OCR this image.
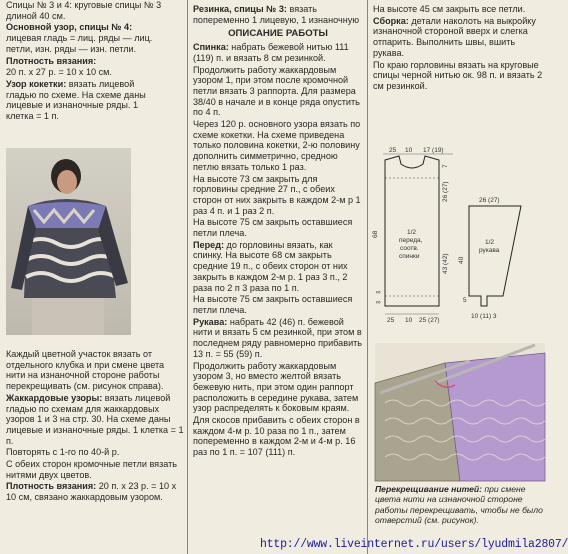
Спицы № 3 и 4: круговые спицы № 3 длиной 40 см.

Основной узор, спицы № 4: лицевая гладь = лиц. ряды — лиц. петли, изн. ряды — изн. петли.

Плотность вязания:

20 п. x 27 р. = 10 x 10 см.

Узор кокетки: вязать лицевой гладью по схеме. На схеме даны лицевые и изнаночные ряды. 1 клетка = 1 п.

Каждый цветной участок вязать от отдельного клубка и при смене цвета нити на изнаночной стороне работы перекрещивать (см. рисунок справа).

Жаккардовые узоры: вязать лицевой гладью по схемам для жаккардовых узоров 1 и 3 на стр. 30. На схеме даны лицевые и изнаночные ряды. 1 клетка = 1 п.

Повторять с 1-го по 40-й р.

С обеих сторон кромочные петли вязать нитями двух цветов.

Плотность вязания: 20 п. x 23 р. = 10 x 10 см, связано жаккардовым узором.

Резинка, спицы № 3: вязать попеременно 1 лицевую, 1 изнаночную

ОПИСАНИЕ РАБОТЫ

Спинка: набрать бежевой нитью 111 (119) п. и вязать 8 см резинкой.

Продолжить работу жаккардовым узором 1, при этом после кромочной петли вязать 3 раппорта. Для размера 38/40 в начале и в конце ряда опустить по 4 п.

Через 120 р. основного узора вязать по схеме кокетки. На схеме приведена только половина кокетки, 2-ю половину дополнить симметрично, средною петлю вязать только 1 раз.

На высоте 73 см закрыть для горловины средние 27 п., с обеих сторон от них закрыть в каждом 2-м р 1 раз 4 п. и 1 раз 2 п.

На высоте 75 см закрыть оставшиеся петли плеча.

Перед: до горловины вязать, как спинку. На высоте 68 см закрыть средние 19 п., с обеих сторон от них закрыть в каждом 2-м р. 1 раз 3 п., 2 раза по 2 п 3 раза по 1 п.

На высоте 75 см закрыть оставшиеся петли плеча.

Рукава: набрать 42 (46) п. бежевой нити и вязать 5 см резинкой, при этом в последнем ряду равномерно прибавить 13 п. = 55 (59) п.

Продолжить работу жаккардовым узором 3, но вместо желтой вязать бежевую нить, при этом один раппорт расположить в середине рукава, затем узор распределять к боковым краям.

Для скосов прибавить с обеих сторон в каждом 4-м р. 10 раза по 1 п., затем попеременно в каждом 2-м и 4-м р. 16 раз по 1 п. = 107 (111) п.

На высоте 45 см закрыть все петли.

Сборка: детали наколоть на выкройку изнаночной стороной вверх и слегка отпарить. Выполнить швы, вшить рукава.

По краю горловины вязать на круговые спицы черной нитью ок. 98 п. и вязать 2 см резинкой.

25 10 17 (19)
1/2
переда,
соотв.
спинки
68
7
26 (27)
43 (42)
∞
∞
25 10 25 (27)
26 (27)
1/2
рукава
40
5
10 (11) 3
Перекрещивание нитей: при смене цвета нити на изнаночной стороне работы перекрещивать, чтобы не было отверстий (см. рисунок).
http://www.liveinternet.ru/users/lyudmila2807/
